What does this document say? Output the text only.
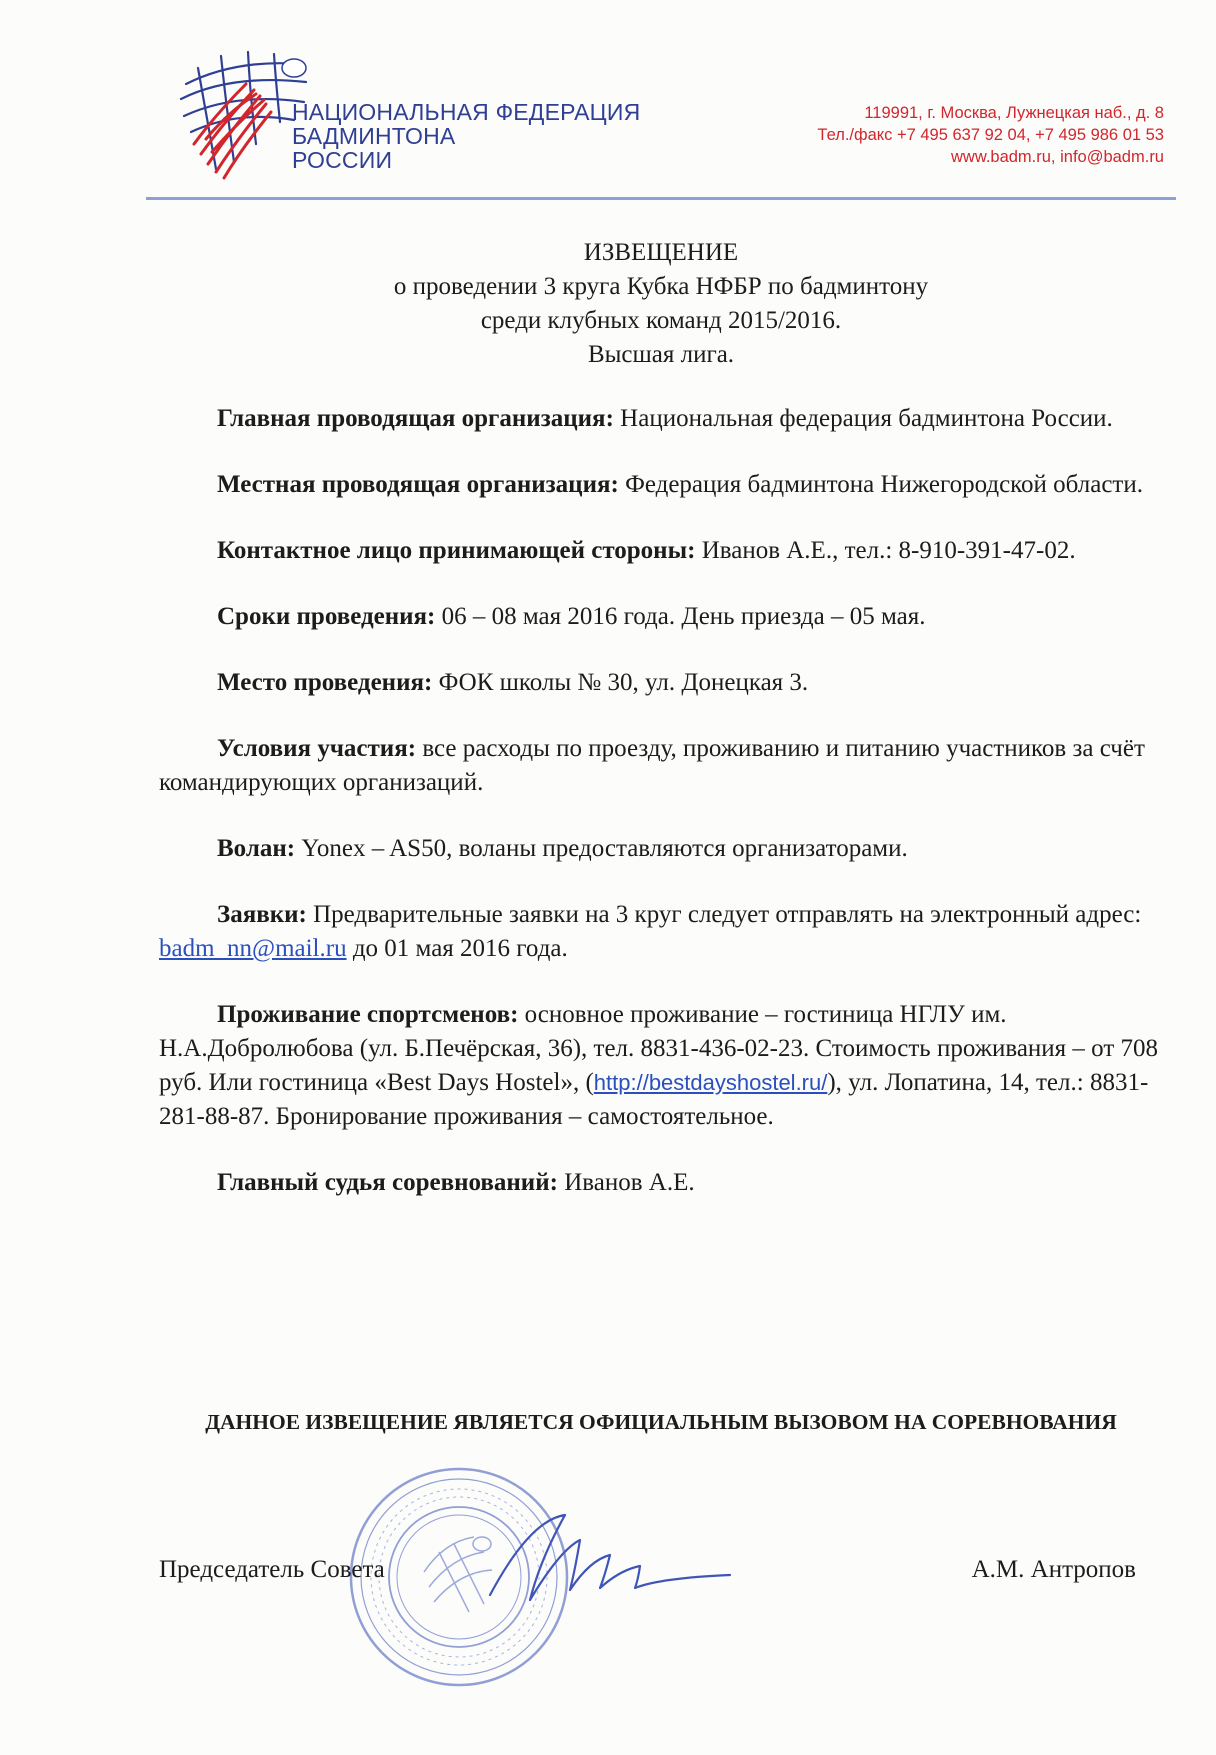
НАЦИОНАЛЬНАЯ ФЕДЕРАЦИЯ
БАДМИНТОНА
РОССИИ
119991, г. Москва, Лужнецкая наб., д. 8
Тел./факс +7 495 637 92 04, +7 495 986 01 53
www.badm.ru, info@badm.ru
ИЗВЕЩЕНИЕ
о проведении 3 круга Кубка НФБР по бадминтону
среди клубных команд 2015/2016.
Высшая лига.

Главная проводящая организация: Национальная федерация бадминтона России.

Местная проводящая организация: Федерация бадминтона Нижегородской области.

Контактное лицо принимающей стороны: Иванов А.Е., тел.: 8-910-391-47-02.

Сроки проведения: 06 – 08 мая 2016 года. День приезда – 05 мая.

Место проведения: ФОК школы № 30, ул. Донецкая 3.

Условия участия: все расходы по проезду, проживанию и питанию участников за счёт командирующих организаций.

Волан: Yonex – AS50, воланы предоставляются организаторами.

Заявки: Предварительные заявки на 3 круг следует отправлять на электронный адрес: badm_nn@mail.ru до 01 мая 2016 года.

Проживание спортсменов: основное проживание – гостиница НГЛУ им. Н.А.Добролюбова (ул. Б.Печёрская, 36), тел. 8831-436-02-23. Стоимость проживания – от 708 руб. Или гостиница «Best Days Hostel», (http://bestdayshostel.ru/), ул. Лопатина, 14, тел.: 8831-281-88-87. Бронирование проживания – самостоятельное.

Главный судья соревнований: Иванов А.Е.

ДАННОЕ ИЗВЕЩЕНИЕ ЯВЛЯЕТСЯ ОФИЦИАЛЬНЫМ ВЫЗОВОМ НА СОРЕВНОВАНИЯ
Председатель Совета	А.М. Антропов
